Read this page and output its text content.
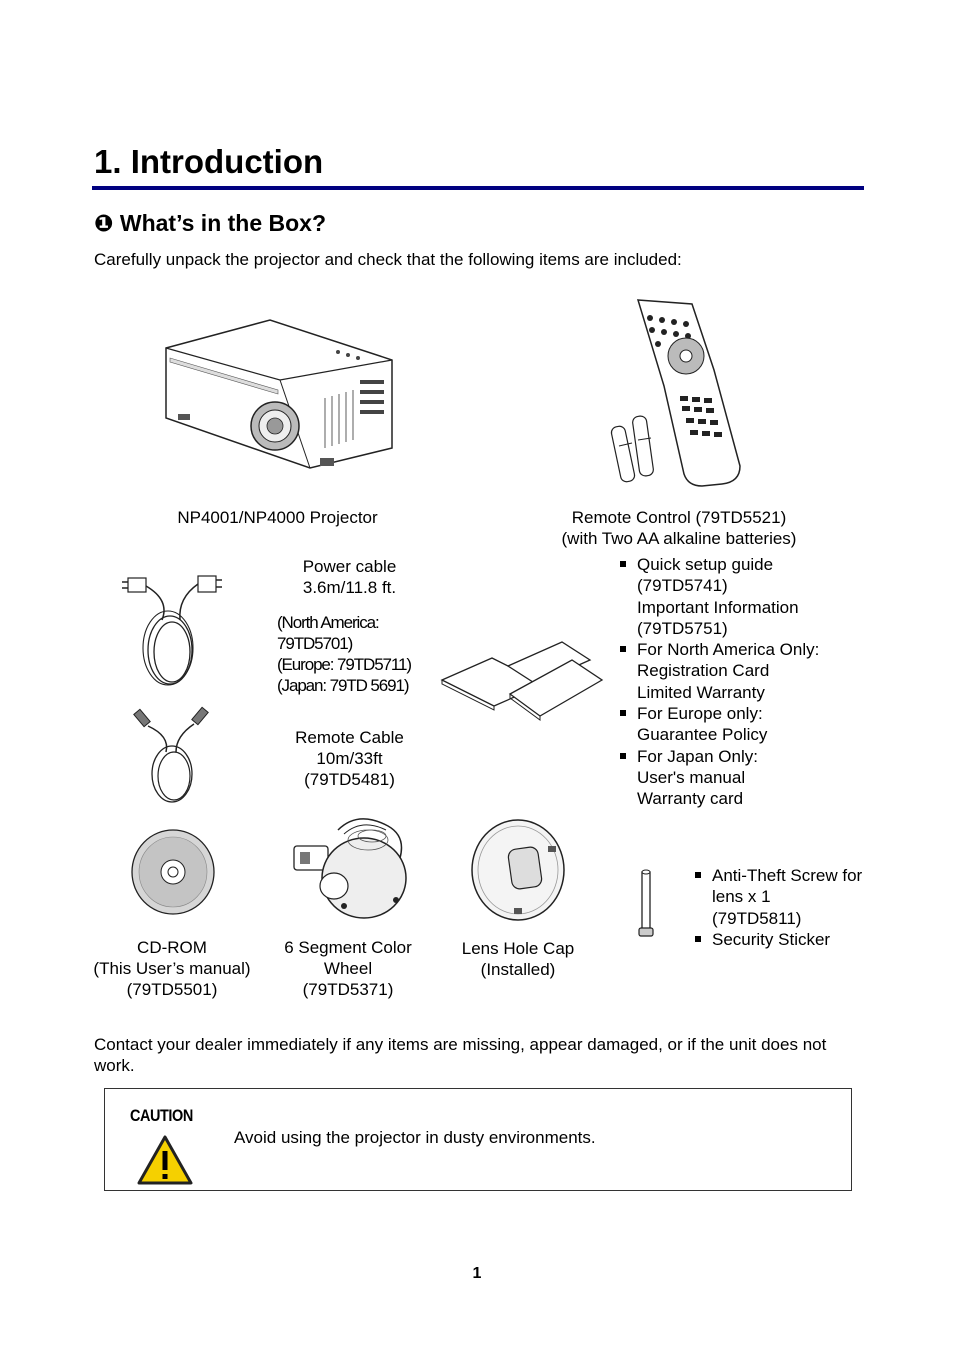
1. Introduction
❶ What’s in the Box?
Carefully unpack the projector and check that the following items are included:
NP4001/NP4000 Projector	Remote Control (79TD5521)
(with Two AA alkaline batteries)
Power cable
3.6m/11.8 ft.
(North America:
79TD5701)
(Europe: 79TD5711)
(Japan: 79TD 5691)
Quick setup guide
(79TD5741)
Important Information
(79TD5751)
For North America Only:
Registration Card
Limited Warranty
For Europe only:
Guarantee Policy
For Japan Only:
User's manual
Warranty card
Remote Cable
10m/33ft
(79TD5481)
CD-ROM
(This User’s manual)
(79TD5501)
6 Segment Color
Wheel
(79TD5371)
Lens Hole Cap
(Installed)
Anti-Theft Screw for
lens x 1
(79TD5811)
Security Sticker
Contact your dealer immediately if any items are missing, appear damaged, or if the unit does not work.
CAUTION
Avoid using the projector in dusty environments.
1
